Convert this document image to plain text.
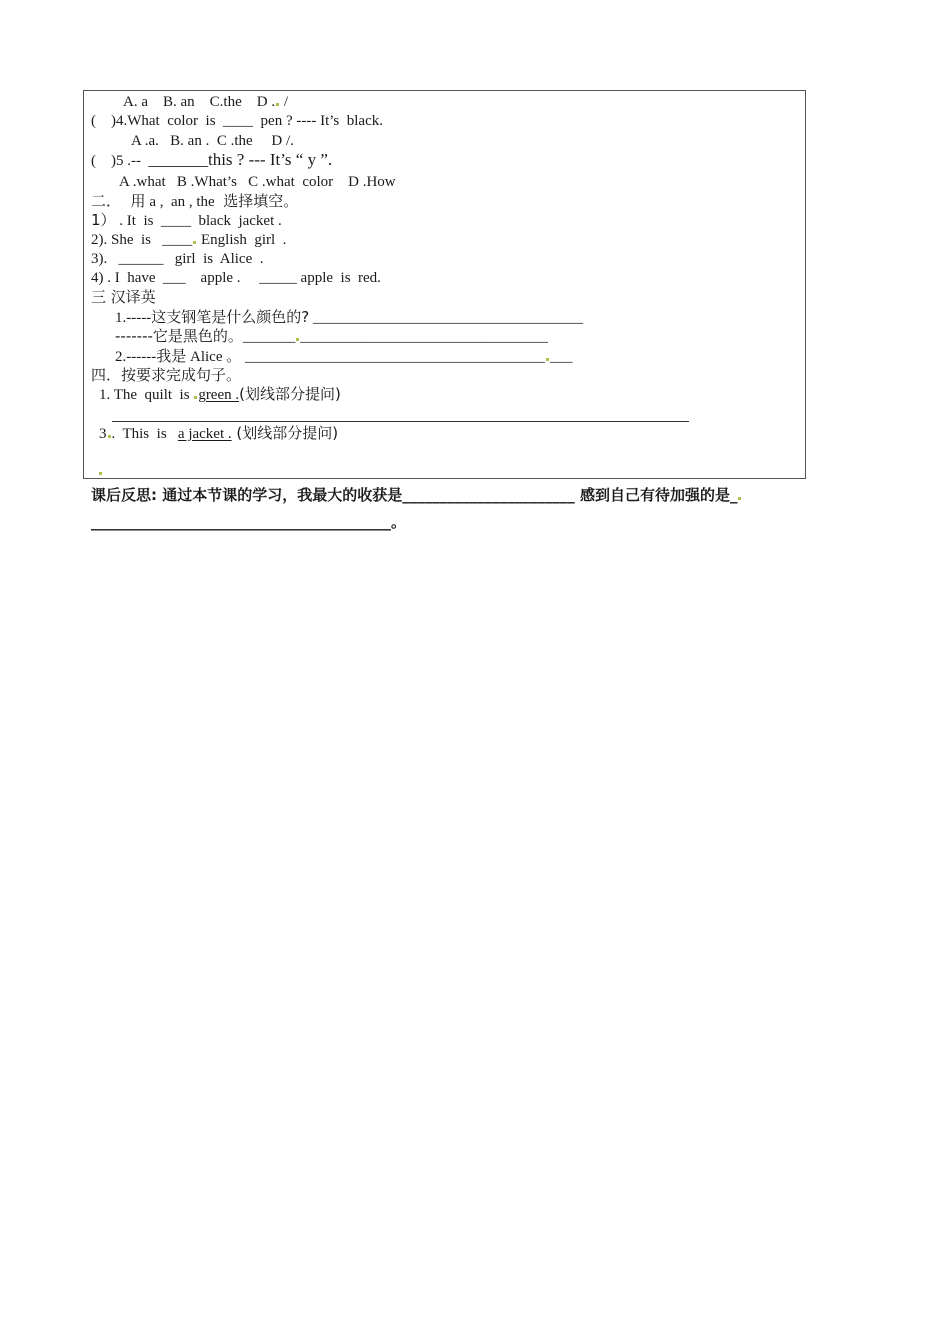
A. a    B. an    C.the    D . /
(    )4.What  color  is  ____  pen ? ---- It’s  black.
A .a.   B. an .  C .the     D /.
(    )5 .--  _______this ? --- It’s “ y ”.
A .what   B .What’s   C .what  color    D .How
二．  用 a ,  an , the  选择填空。
1） . It  is  ____  black  jacket .
2). She  is   ____ English  girl  .
3).   ______   girl  is  Alice  .
4) . I  have  ___    apple .     _____ apple  is  red.
三 汉译英
1.-----这支钢笔是什么颜色的? ____________________________________
-------它是黑色的。_______ _________________________________
2.------我是 Alice 。 ________________________________________ ___
四．按要求完成句子。
1. The  quilt  is green .(划线部分提问)
3 .  This  is   a jacket . (划线部分提问)
课后反思: 通过本节课的学习，我最大的收获是_______________________ 感到自己有待加强的是_
________________________________________。
